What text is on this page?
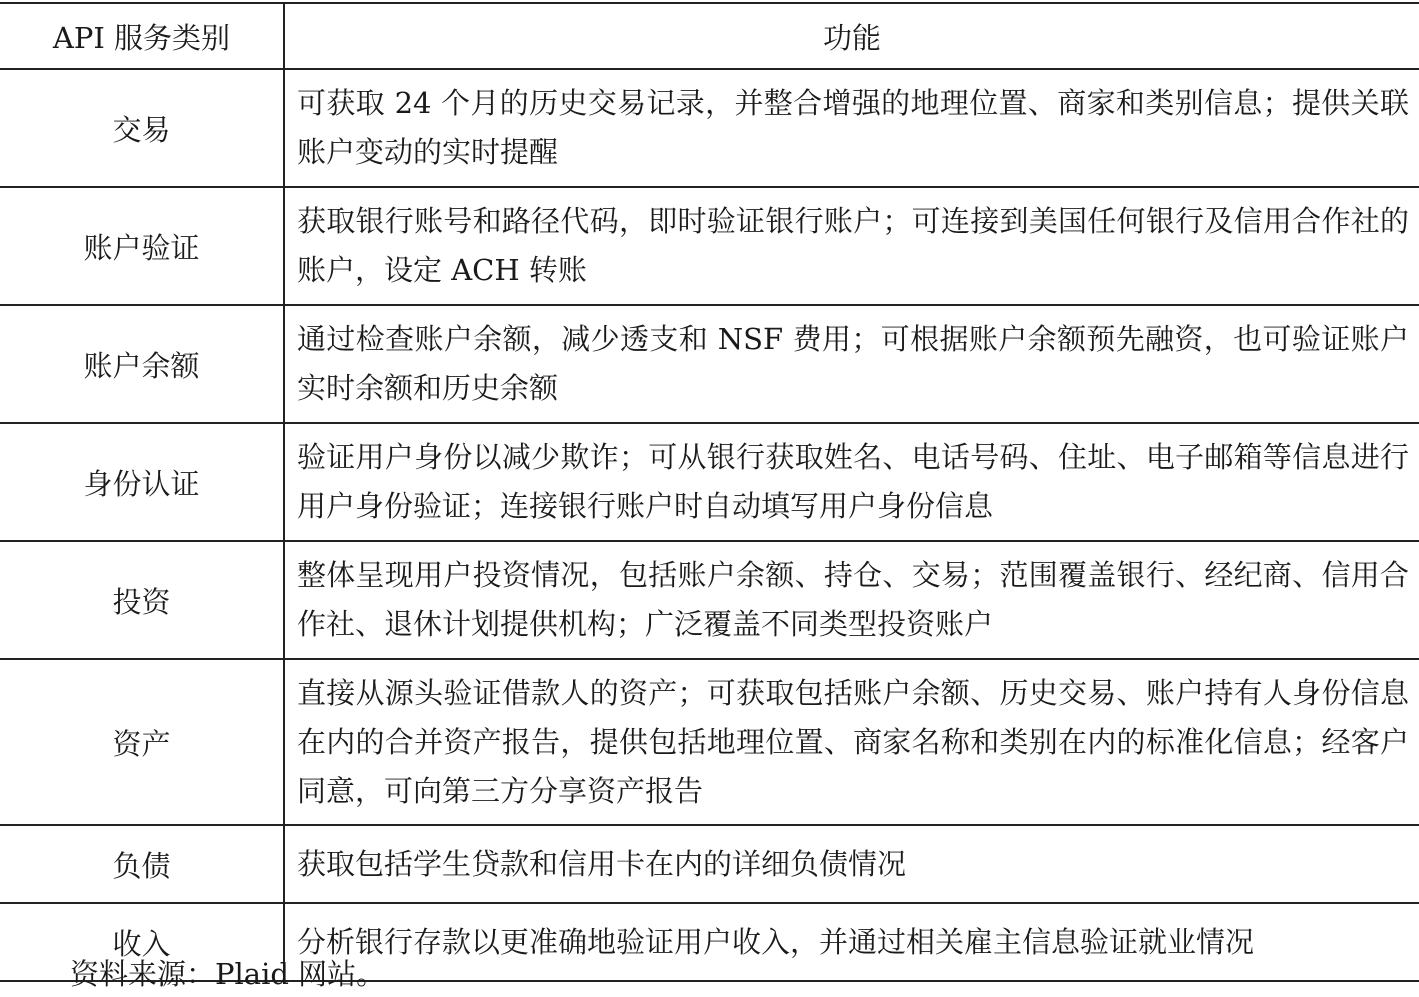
API 服务类别	功能
交易	可获取 24 个月的历史交易记录，并整合增强的地理位置、商家和类别信息；提供关联账户变动的实时提醒
账户验证	获取银行账号和路径代码，即时验证银行账户；可连接到美国任何银行及信用合作社的账户，设定 ACH 转账
账户余额	通过检查账户余额，减少透支和 NSF 费用；可根据账户余额预先融资，也可验证账户实时余额和历史余额
身份认证	验证用户身份以减少欺诈；可从银行获取姓名、电话号码、住址、电子邮箱等信息进行用户身份验证；连接银行账户时自动填写用户身份信息
投资	整体呈现用户投资情况，包括账户余额、持仓、交易；范围覆盖银行、经纪商、信用合作社、退休计划提供机构；广泛覆盖不同类型投资账户
资产	直接从源头验证借款人的资产；可获取包括账户余额、历史交易、账户持有人身份信息在内的合并资产报告，提供包括地理位置、商家名称和类别在内的标准化信息；经客户同意，可向第三方分享资产报告
负债	获取包括学生贷款和信用卡在内的详细负债情况
收入	分析银行存款以更准确地验证用户收入，并通过相关雇主信息验证就业情况
资料来源：Plaid 网站。
